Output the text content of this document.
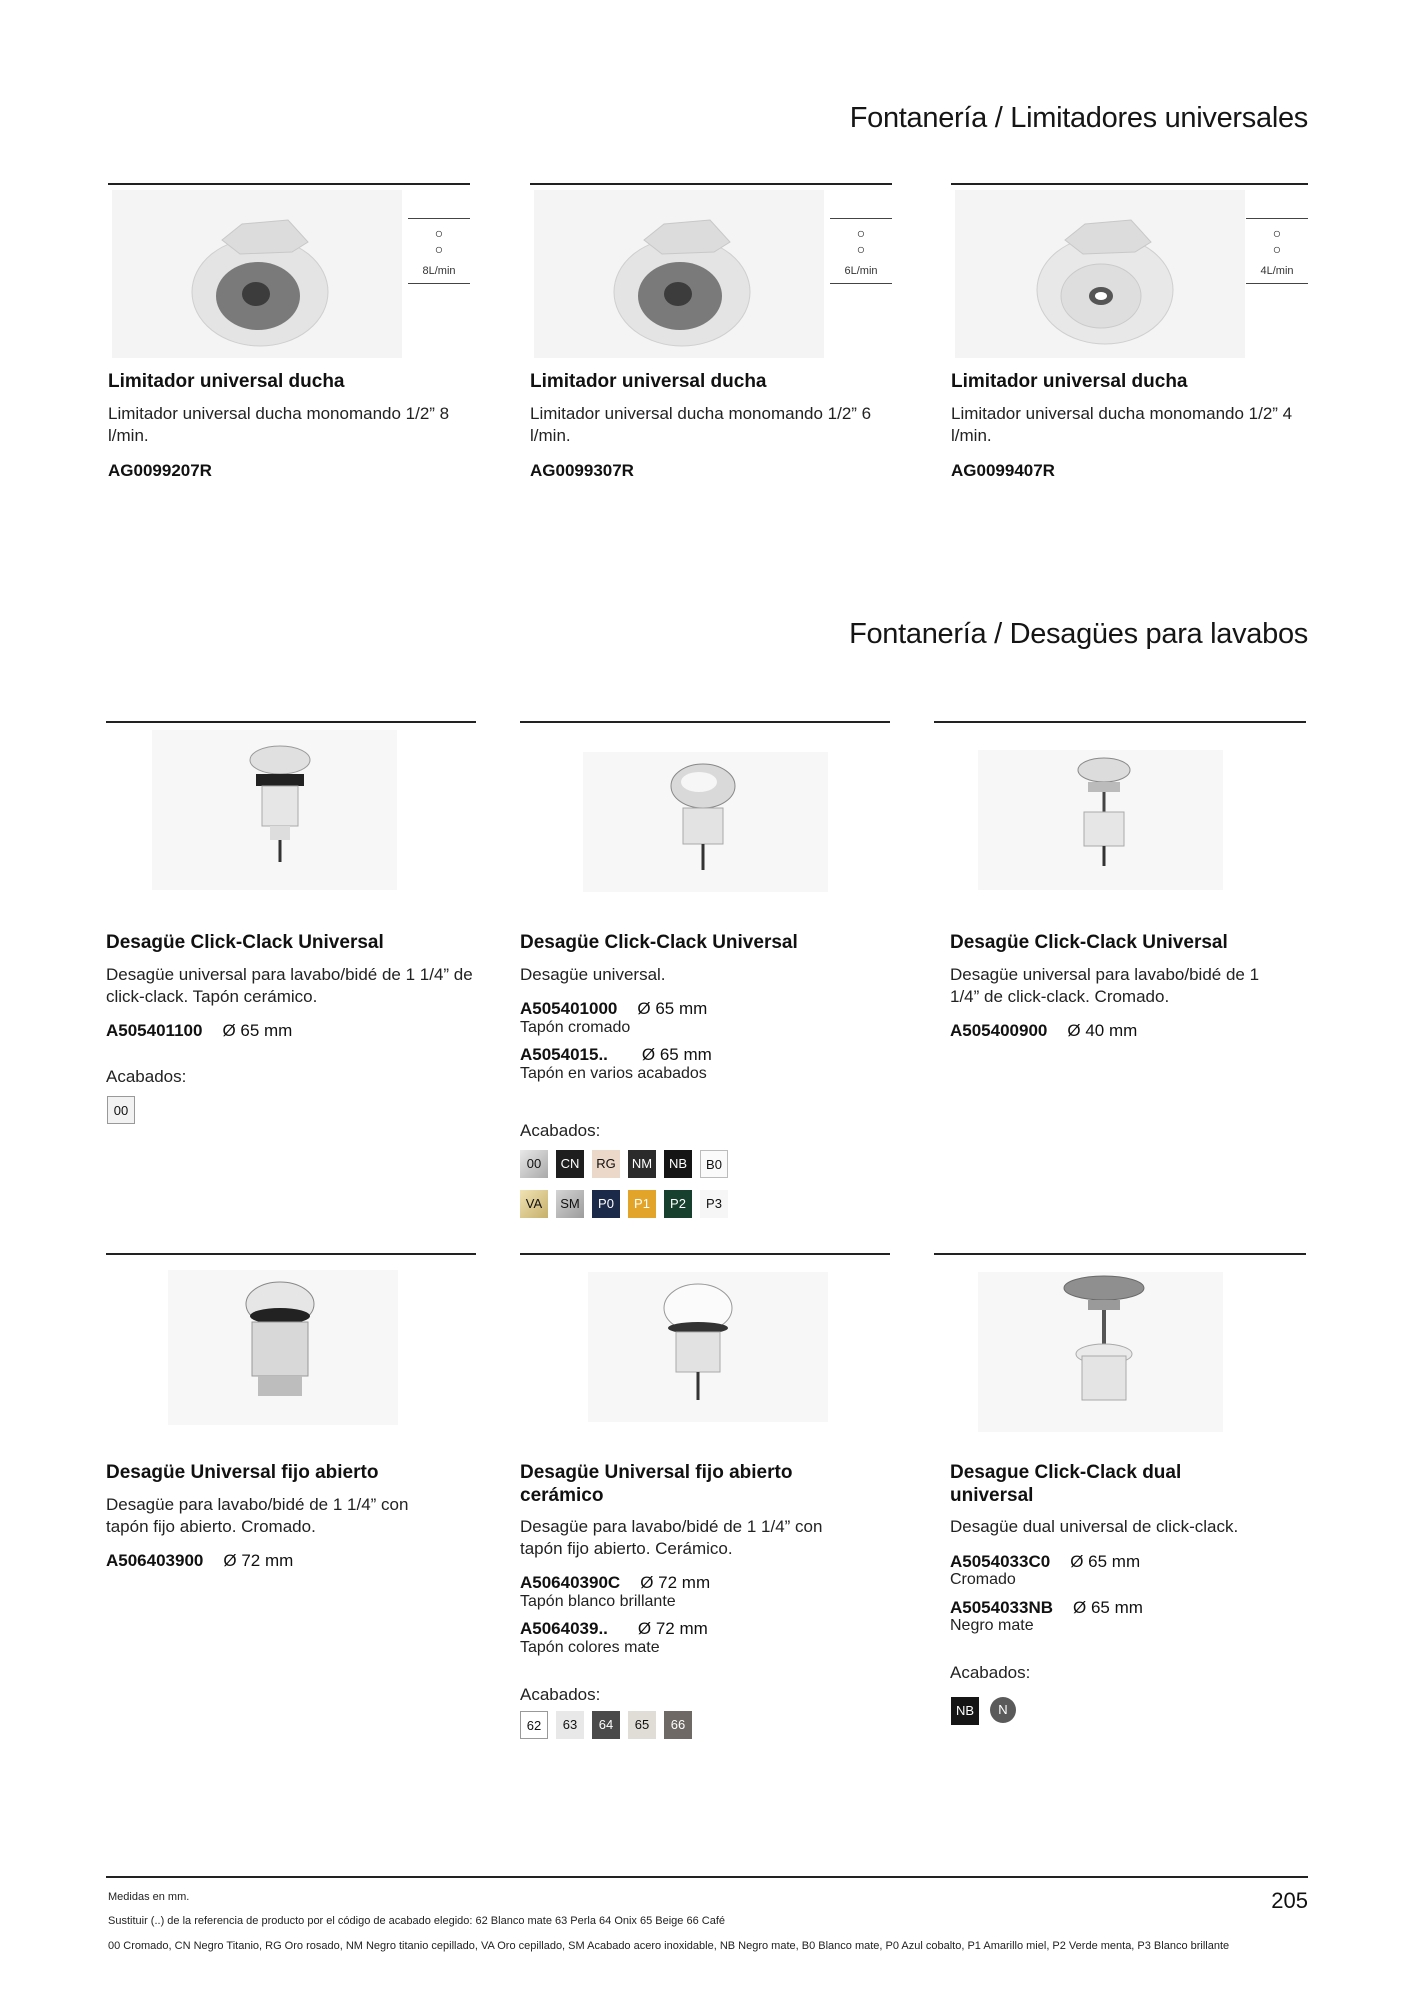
Fontanería / Limitadores universales
○
○
8L/min
Limitador universal ducha
Limitador universal ducha monomando 1/2” 8 l/min.
AG0099207R
○
○
6L/min
Limitador universal ducha
Limitador universal ducha monomando 1/2” 6 l/min.
AG0099307R
○
○
4L/min
Limitador universal ducha
Limitador universal ducha monomando 1/2” 4 l/min.
AG0099407R
Fontanería / Desagües para lavabos
Desagüe Click-Clack Universal
Desagüe universal para lavabo/bidé de 1 1/4” de click-clack. Tapón cerámico.
A505401100 Ø 65 mm
Acabados:
00
Desagüe Click-Clack Universal
Desagüe universal.
A505401000 Ø 65 mm
Tapón cromado
A5054015.. Ø 65 mm
Tapón en varios acabados
Acabados:
00	CN	RG	NM	NB	B0
VA	SM	P0	P1	P2	P3
Desagüe Click-Clack Universal
Desagüe universal para lavabo/bidé de 1 1/4” de click-clack. Cromado.
A505400900 Ø 40 mm
Desagüe Universal fijo abierto
Desagüe para lavabo/bidé de 1 1/4” con tapón fijo abierto. Cromado.
A506403900 Ø 72 mm
Desagüe Universal fijo abierto cerámico
Desagüe para lavabo/bidé de 1 1/4” con tapón fijo abierto. Cerámico.
A50640390C Ø 72 mm
Tapón blanco brillante
A5064039.. Ø 72 mm
Tapón colores mate
Acabados:
62	63	64	65	66
Desague Click-Clack dual universal
Desagüe dual universal de click-clack.
A5054033C0 Ø 65 mm
Cromado
A5054033NB Ø 65 mm
Negro mate
Acabados:
NB	N
Medidas en mm.
Sustituir (..) de la referencia de producto por el código de acabado elegido: 62 Blanco mate 63 Perla 64 Onix 65 Beige 66 Café
00 Cromado, CN Negro Titanio, RG Oro rosado, NM Negro titanio cepillado, VA Oro cepillado, SM Acabado acero inoxidable, NB Negro mate, B0 Blanco mate, P0 Azul cobalto, P1 Amarillo miel, P2 Verde menta, P3 Blanco brillante
205
